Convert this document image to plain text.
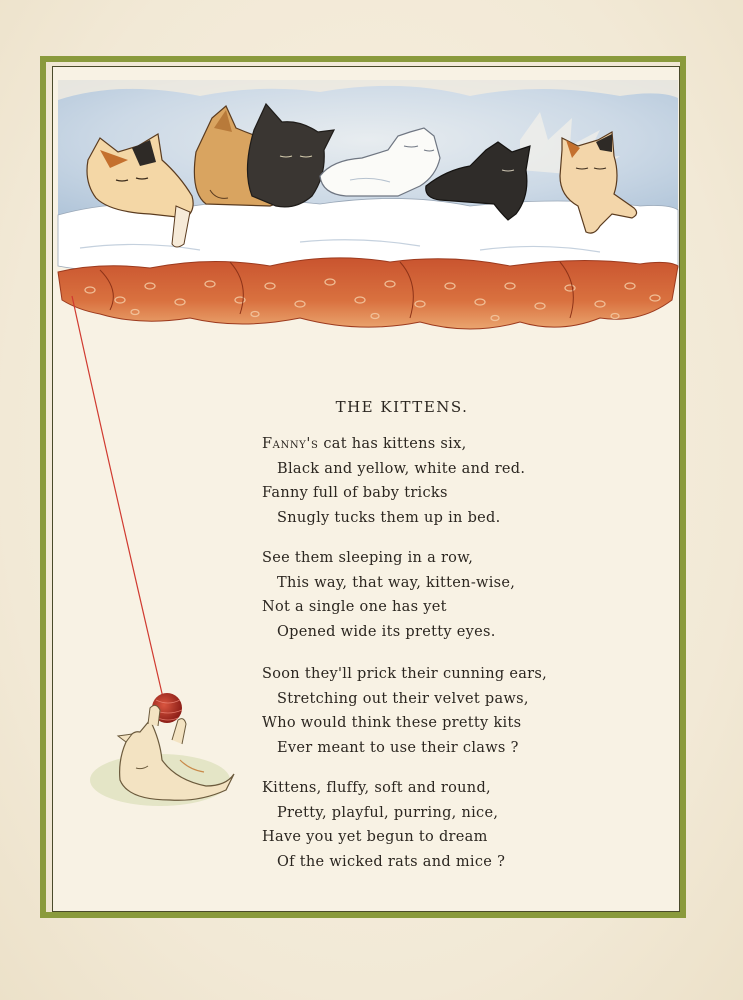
THE KITTENS.
Fanny's cat has kittens six,
Black and yellow, white and red.
Fanny full of baby tricks
Snugly tucks them up in bed.
See them sleeping in a row,
This way, that way, kitten-wise,
Not a single one has yet
Opened wide its pretty eyes.
Soon they'll prick their cunning ears,
Stretching out their velvet paws,
Who would think these pretty kits
Ever meant to use their claws ?
Kittens, fluffy, soft and round,
Pretty, playful, purring, nice,
Have you yet begun to dream
Of the wicked rats and mice ?
